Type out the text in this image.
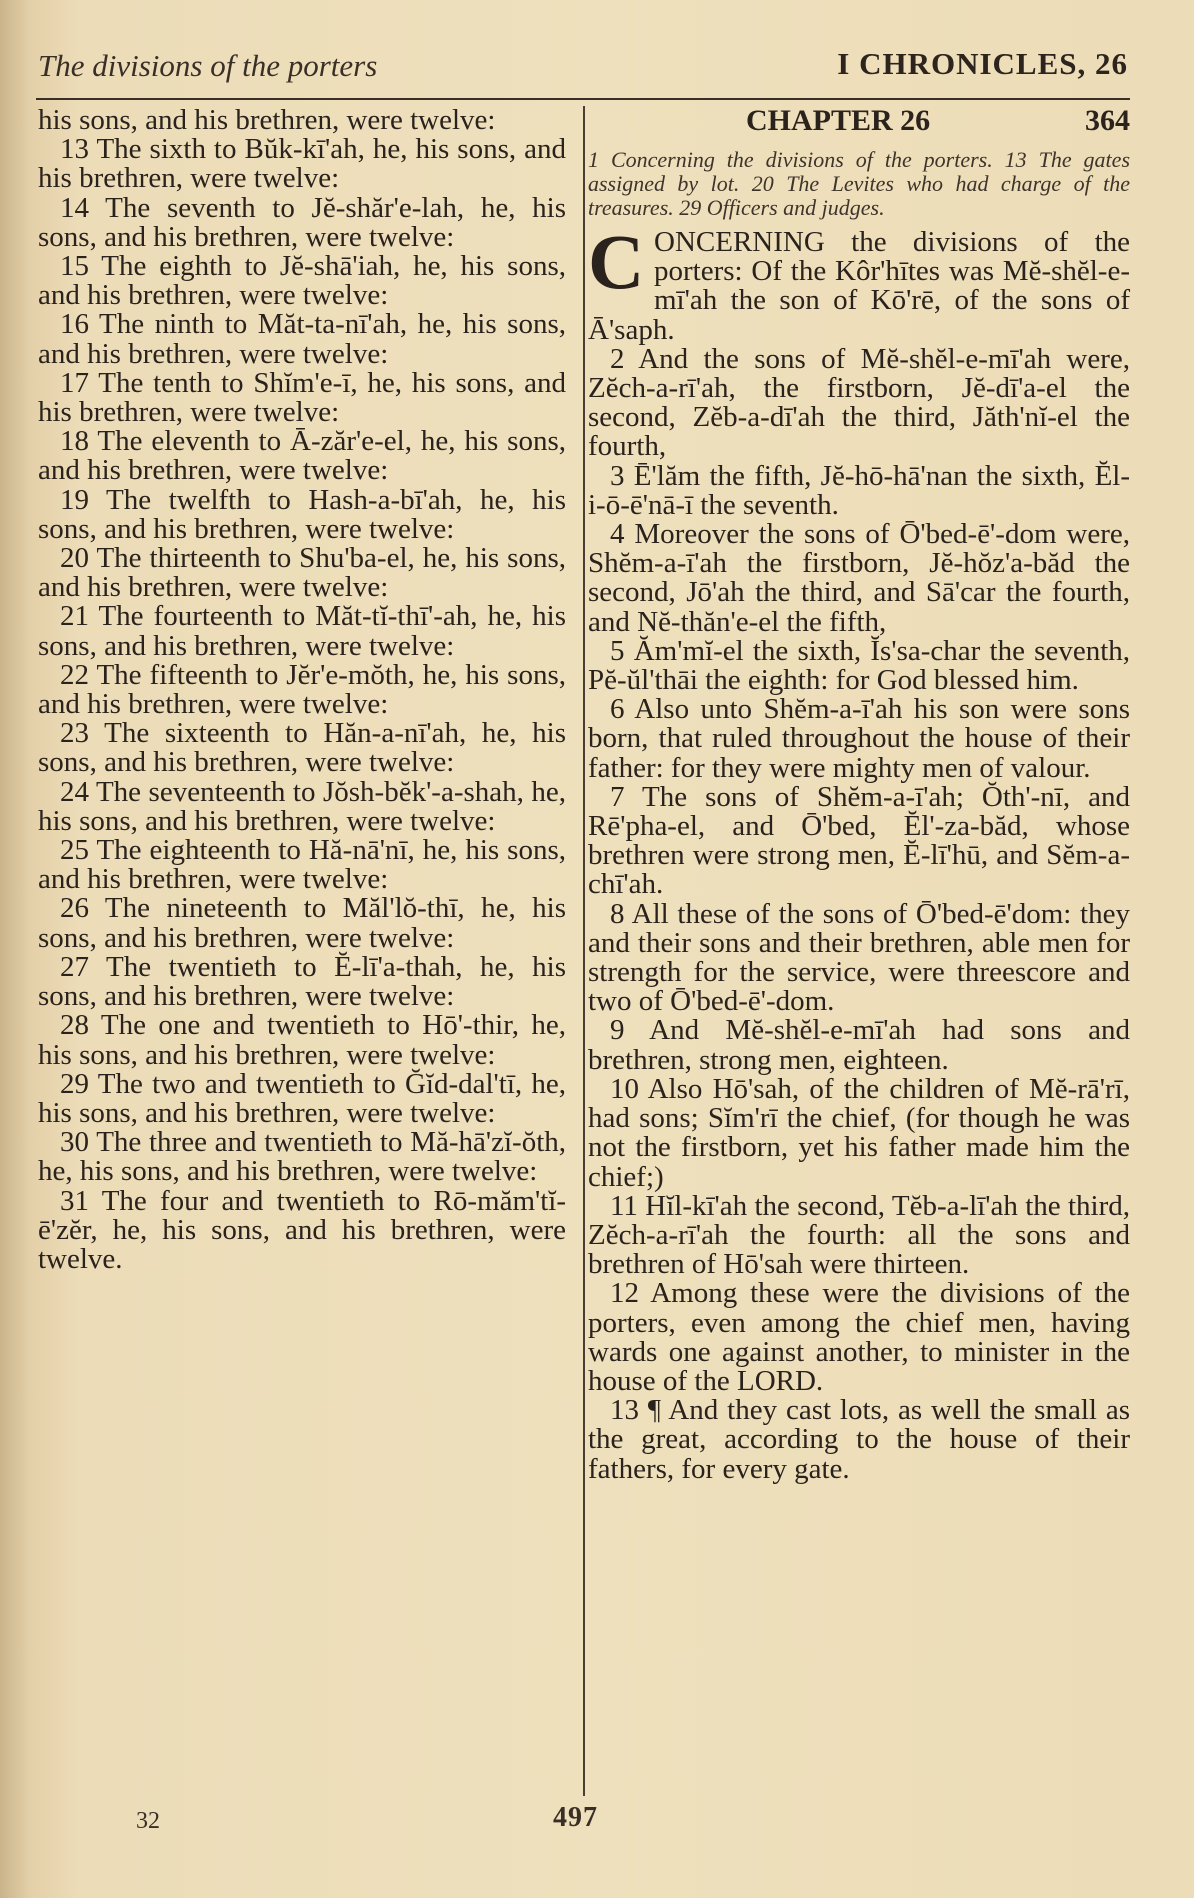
The divisions of the porters	I CHRONICLES, 26

his sons, and his brethren, were twelve:

13 The sixth to Bŭk-kī'ah, he, his sons, and his brethren, were twelve:

14 The seventh to Jĕ-shăr'e-lah, he, his sons, and his brethren, were twelve:

15 The eighth to Jĕ-shā'iah, he, his sons, and his brethren, were twelve:

16 The ninth to Măt-ta-nī'ah, he, his sons, and his brethren, were twelve:

17 The tenth to Shĭm'e-ī, he, his sons, and his brethren, were twelve:

18 The eleventh to Ā-zăr'e-el, he, his sons, and his brethren, were twelve:

19 The twelfth to Hash-a-bī'ah, he, his sons, and his brethren, were twelve:

20 The thirteenth to Shu'ba-el, he, his sons, and his brethren, were twelve:

21 The fourteenth to Măt-tĭ-thī'-ah, he, his sons, and his brethren, were twelve:

22 The fifteenth to Jĕr'e-mŏth, he, his sons, and his brethren, were twelve:

23 The sixteenth to Hăn-a-nī'ah, he, his sons, and his brethren, were twelve:

24 The seventeenth to Jŏsh-bĕk'-a-shah, he, his sons, and his brethren, were twelve:

25 The eighteenth to Hă-nā'nī, he, his sons, and his brethren, were twelve:

26 The nineteenth to Măl'lŏ-thī, he, his sons, and his brethren, were twelve:

27 The twentieth to Ĕ-lī'a-thah, he, his sons, and his brethren, were twelve:

28 The one and twentieth to Hō'-thir, he, his sons, and his brethren, were twelve:

29 The two and twentieth to Ğĭd-dal'tī, he, his sons, and his brethren, were twelve:

30 The three and twentieth to Mă-hā'zĭ-ŏth, he, his sons, and his brethren, were twelve:

31 The four and twentieth to Rō-măm'tĭ-ē'zĕr, he, his sons, and his brethren, were twelve.

CHAPTER 26	364

1 Concerning the divisions of the porters. 13 The gates assigned by lot. 20 The Levites who had charge of the treasures. 29 Officers and judges.

CONCERNING the divisions of the porters: Of the Kôr'hītes was Mĕ-shĕl-e-mī'ah the son of Kō'rē, of the sons of Ā'saph.

2 And the sons of Mĕ-shĕl-e-mī'ah were, Zĕch-a-rī'ah, the firstborn, Jĕ-dī'a-el the second, Zĕb-a-dī'ah the third, Jăth'nĭ-el the fourth,

3 Ē'lăm the fifth, Jĕ-hō-hā'nan the sixth, Ĕl-i-ō-ē'nā-ī the seventh.

4 Moreover the sons of Ō'bed-ē'-dom were, Shĕm-a-ī'ah the firstborn, Jĕ-hŏz'a-băd the second, Jō'ah the third, and Sā'car the fourth, and Nĕ-thăn'e-el the fifth,

5 Ăm'mĭ-el the sixth, Ĭs'sa-char the seventh, Pĕ-ŭl'thāi the eighth: for God blessed him.

6 Also unto Shĕm-a-ī'ah his son were sons born, that ruled throughout the house of their father: for they were mighty men of valour.

7 The sons of Shĕm-a-ī'ah; Ŏth'-nī, and Rē'pha-el, and Ō'bed, Ĕl'-za-băd, whose brethren were strong men, Ĕ-lī'hū, and Sĕm-a-chī'ah.

8 All these of the sons of Ō'bed-ē'dom: they and their sons and their brethren, able men for strength for the service, were threescore and two of Ō'bed-ē'-dom.

9 And Mĕ-shĕl-e-mī'ah had sons and brethren, strong men, eighteen.

10 Also Hō'sah, of the children of Mĕ-rā'rī, had sons; Sĭm'rī the chief, (for though he was not the firstborn, yet his father made him the chief;)

11 Hĭl-kī'ah the second, Tĕb-a-lī'ah the third, Zĕch-a-rī'ah the fourth: all the sons and brethren of Hō'sah were thirteen.

12 Among these were the divisions of the porters, even among the chief men, having wards one against another, to minister in the house of the LORD.

13 ¶ And they cast lots, as well the small as the great, according to the house of their fathers, for every gate.

32	497
